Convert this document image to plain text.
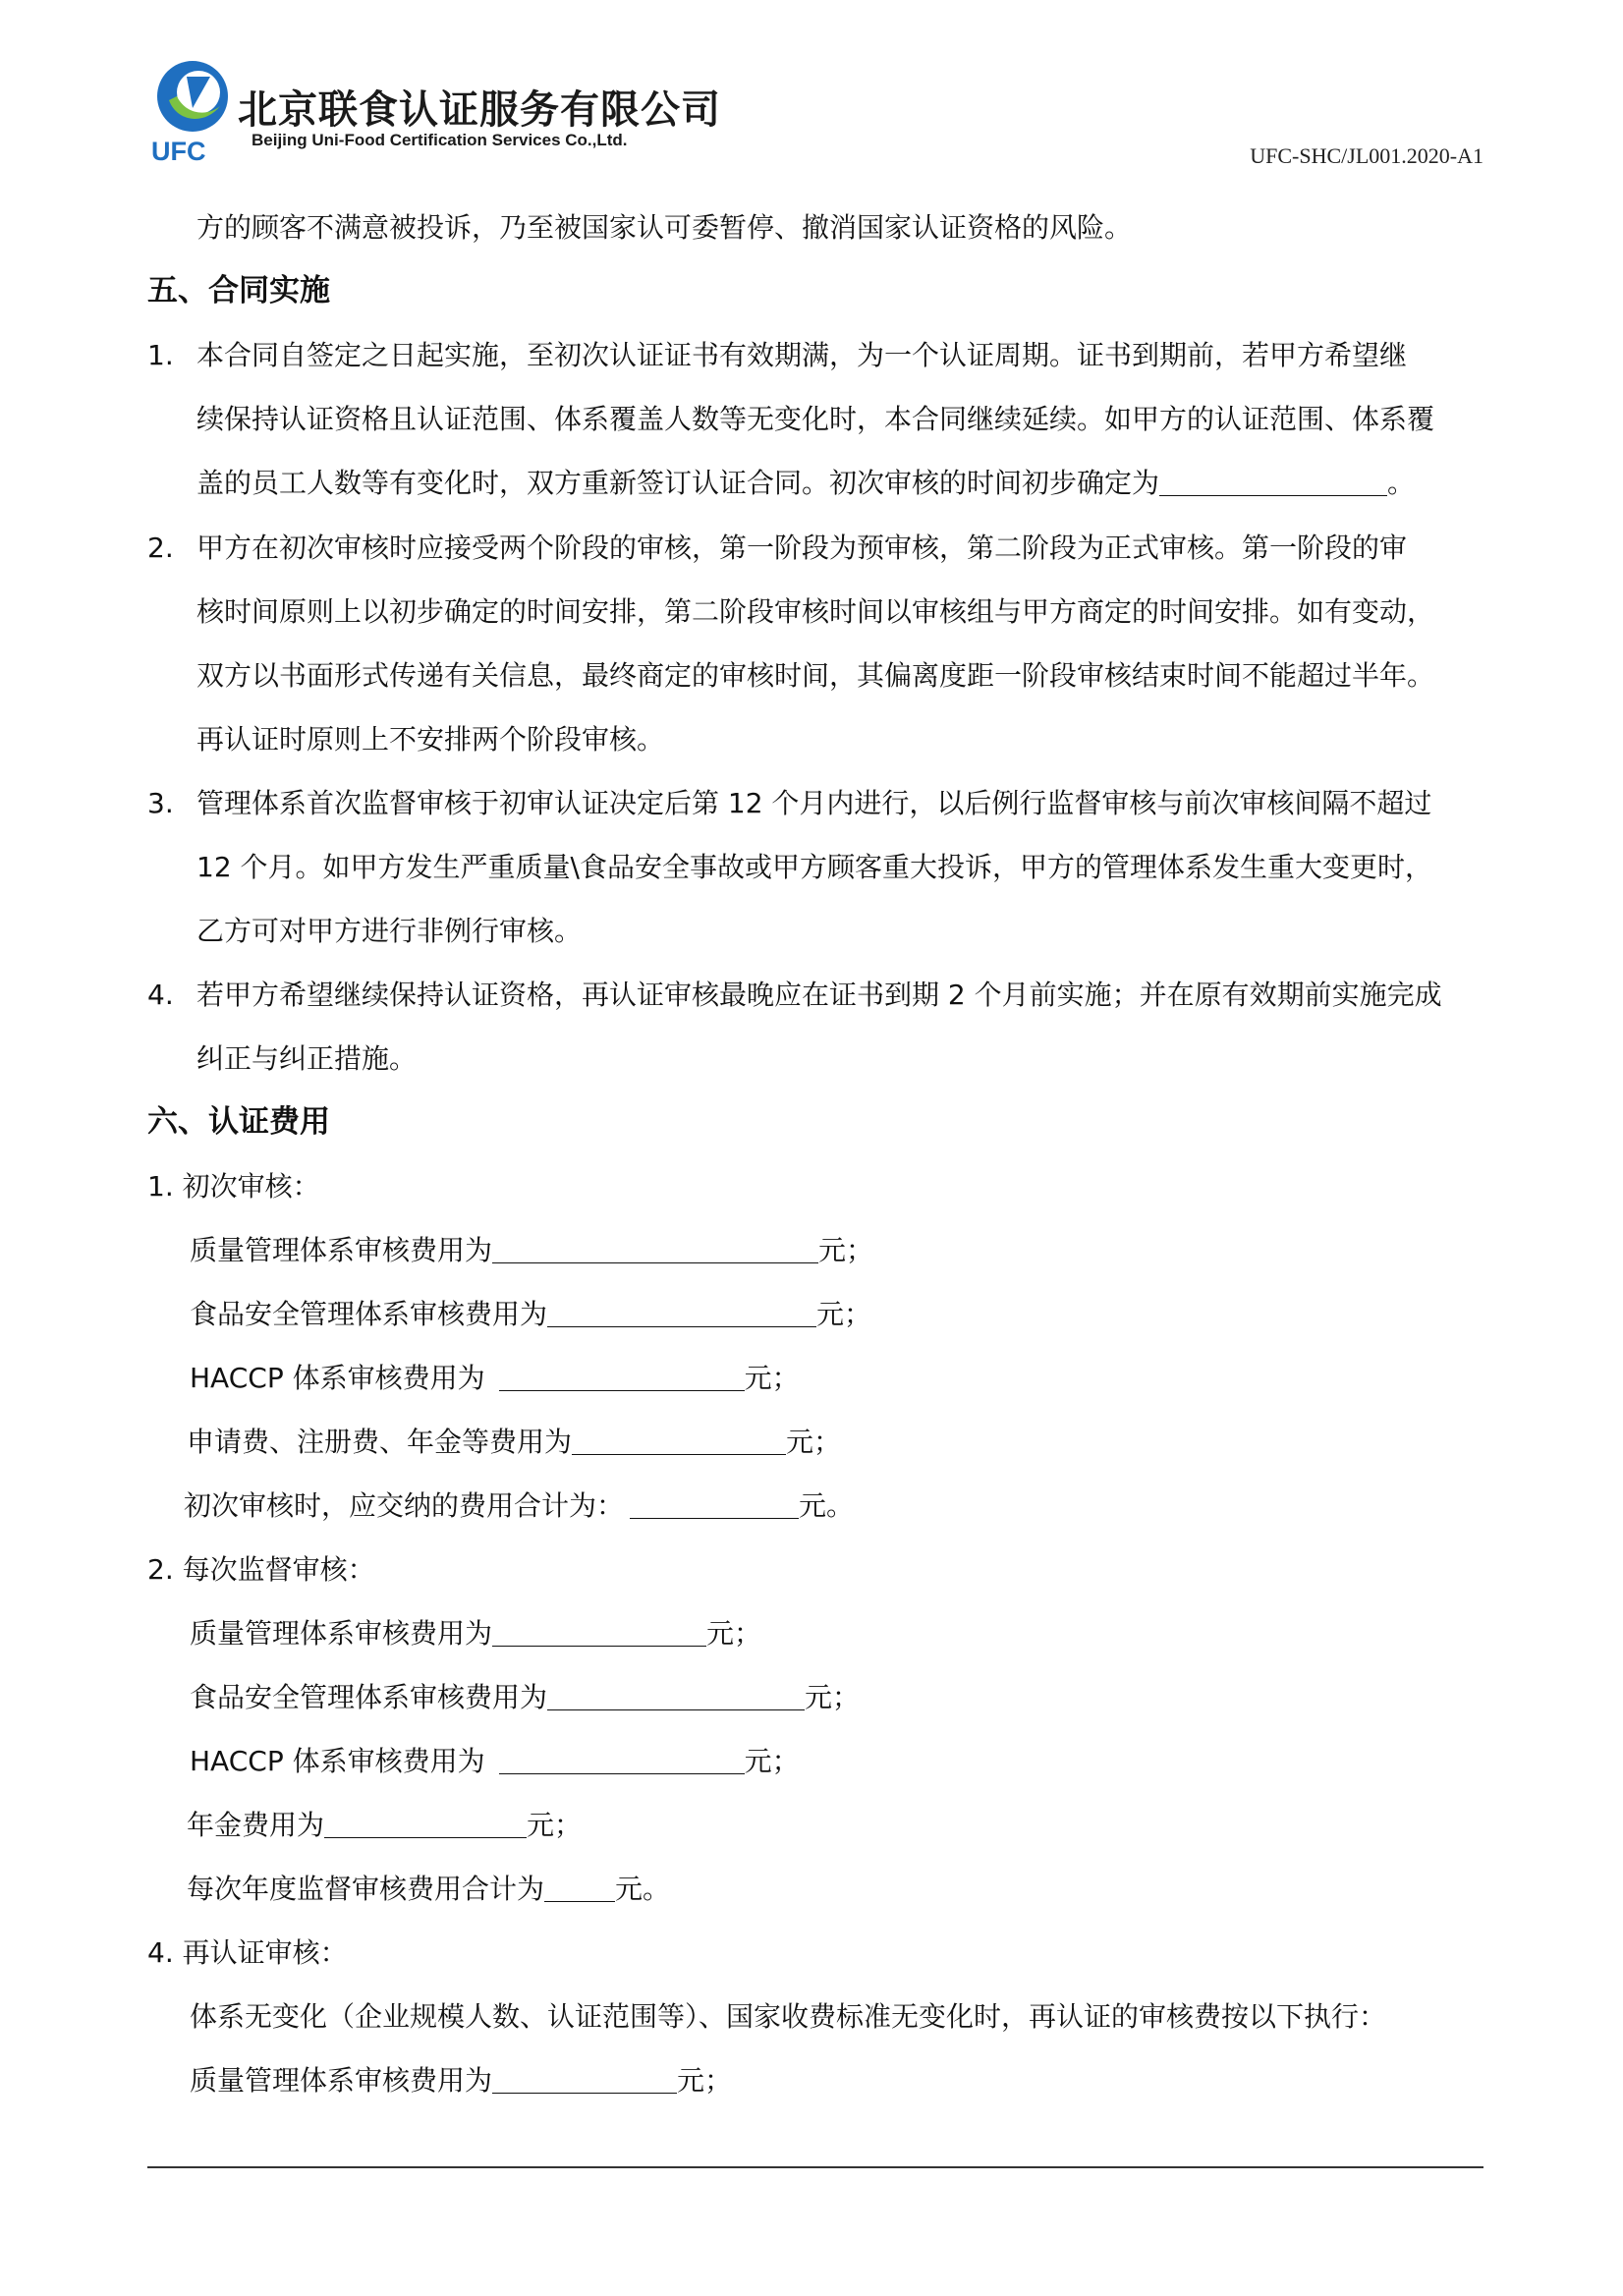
UFC
北京联食认证服务有限公司
Beijing Uni-Food Certification Services Co.,Ltd.
UFC-SHC/JL001.2020-A1
方的顾客不满意被投诉，乃至被国家认可委暂停、撤消国家认证资格的风险。
五、合同实施
1. 本合同自签定之日起实施，至初次认证证书有效期满，为一个认证周期。证书到期前，若甲方希望继
续保持认证资格且认证范围、体系覆盖人数等无变化时，本合同继续延续。如甲方的认证范围、体系覆
盖的员工人数等有变化时，双方重新签订认证合同。初次审核的时间初步确定为	。
2. 甲方在初次审核时应接受两个阶段的审核，第一阶段为预审核，第二阶段为正式审核。第一阶段的审
核时间原则上以初步确定的时间安排，第二阶段审核时间以审核组与甲方商定的时间安排。如有变动，
双方以书面形式传递有关信息，最终商定的审核时间，其偏离度距一阶段审核结束时间不能超过半年。
再认证时原则上不安排两个阶段审核。
3. 管理体系首次监督审核于初审认证决定后第 12 个月内进行，以后例行监督审核与前次审核间隔不超过
12 个月。如甲方发生严重质量\食品安全事故或甲方顾客重大投诉，甲方的管理体系发生重大变更时，
乙方可对甲方进行非例行审核。
4. 若甲方希望继续保持认证资格，再认证审核最晚应在证书到期 2 个月前实施；并在原有效期前实施完成
纠正与纠正措施。
六、认证费用
1. 初次审核：
质量管理体系审核费用为	元；
食品安全管理体系审核费用为	元；
HACCP 体系审核费用为	元；
申请费、注册费、年金等费用为	元；
初次审核时，应交纳的费用合计为：	元。
2. 每次监督审核：
质量管理体系审核费用为	元；
食品安全管理体系审核费用为	元；
HACCP 体系审核费用为	元；
年金费用为	元；
每次年度监督审核费用合计为	元。
4. 再认证审核：
体系无变化（企业规模人数、认证范围等）、国家收费标准无变化时，再认证的审核费按以下执行：
质量管理体系审核费用为	元；
